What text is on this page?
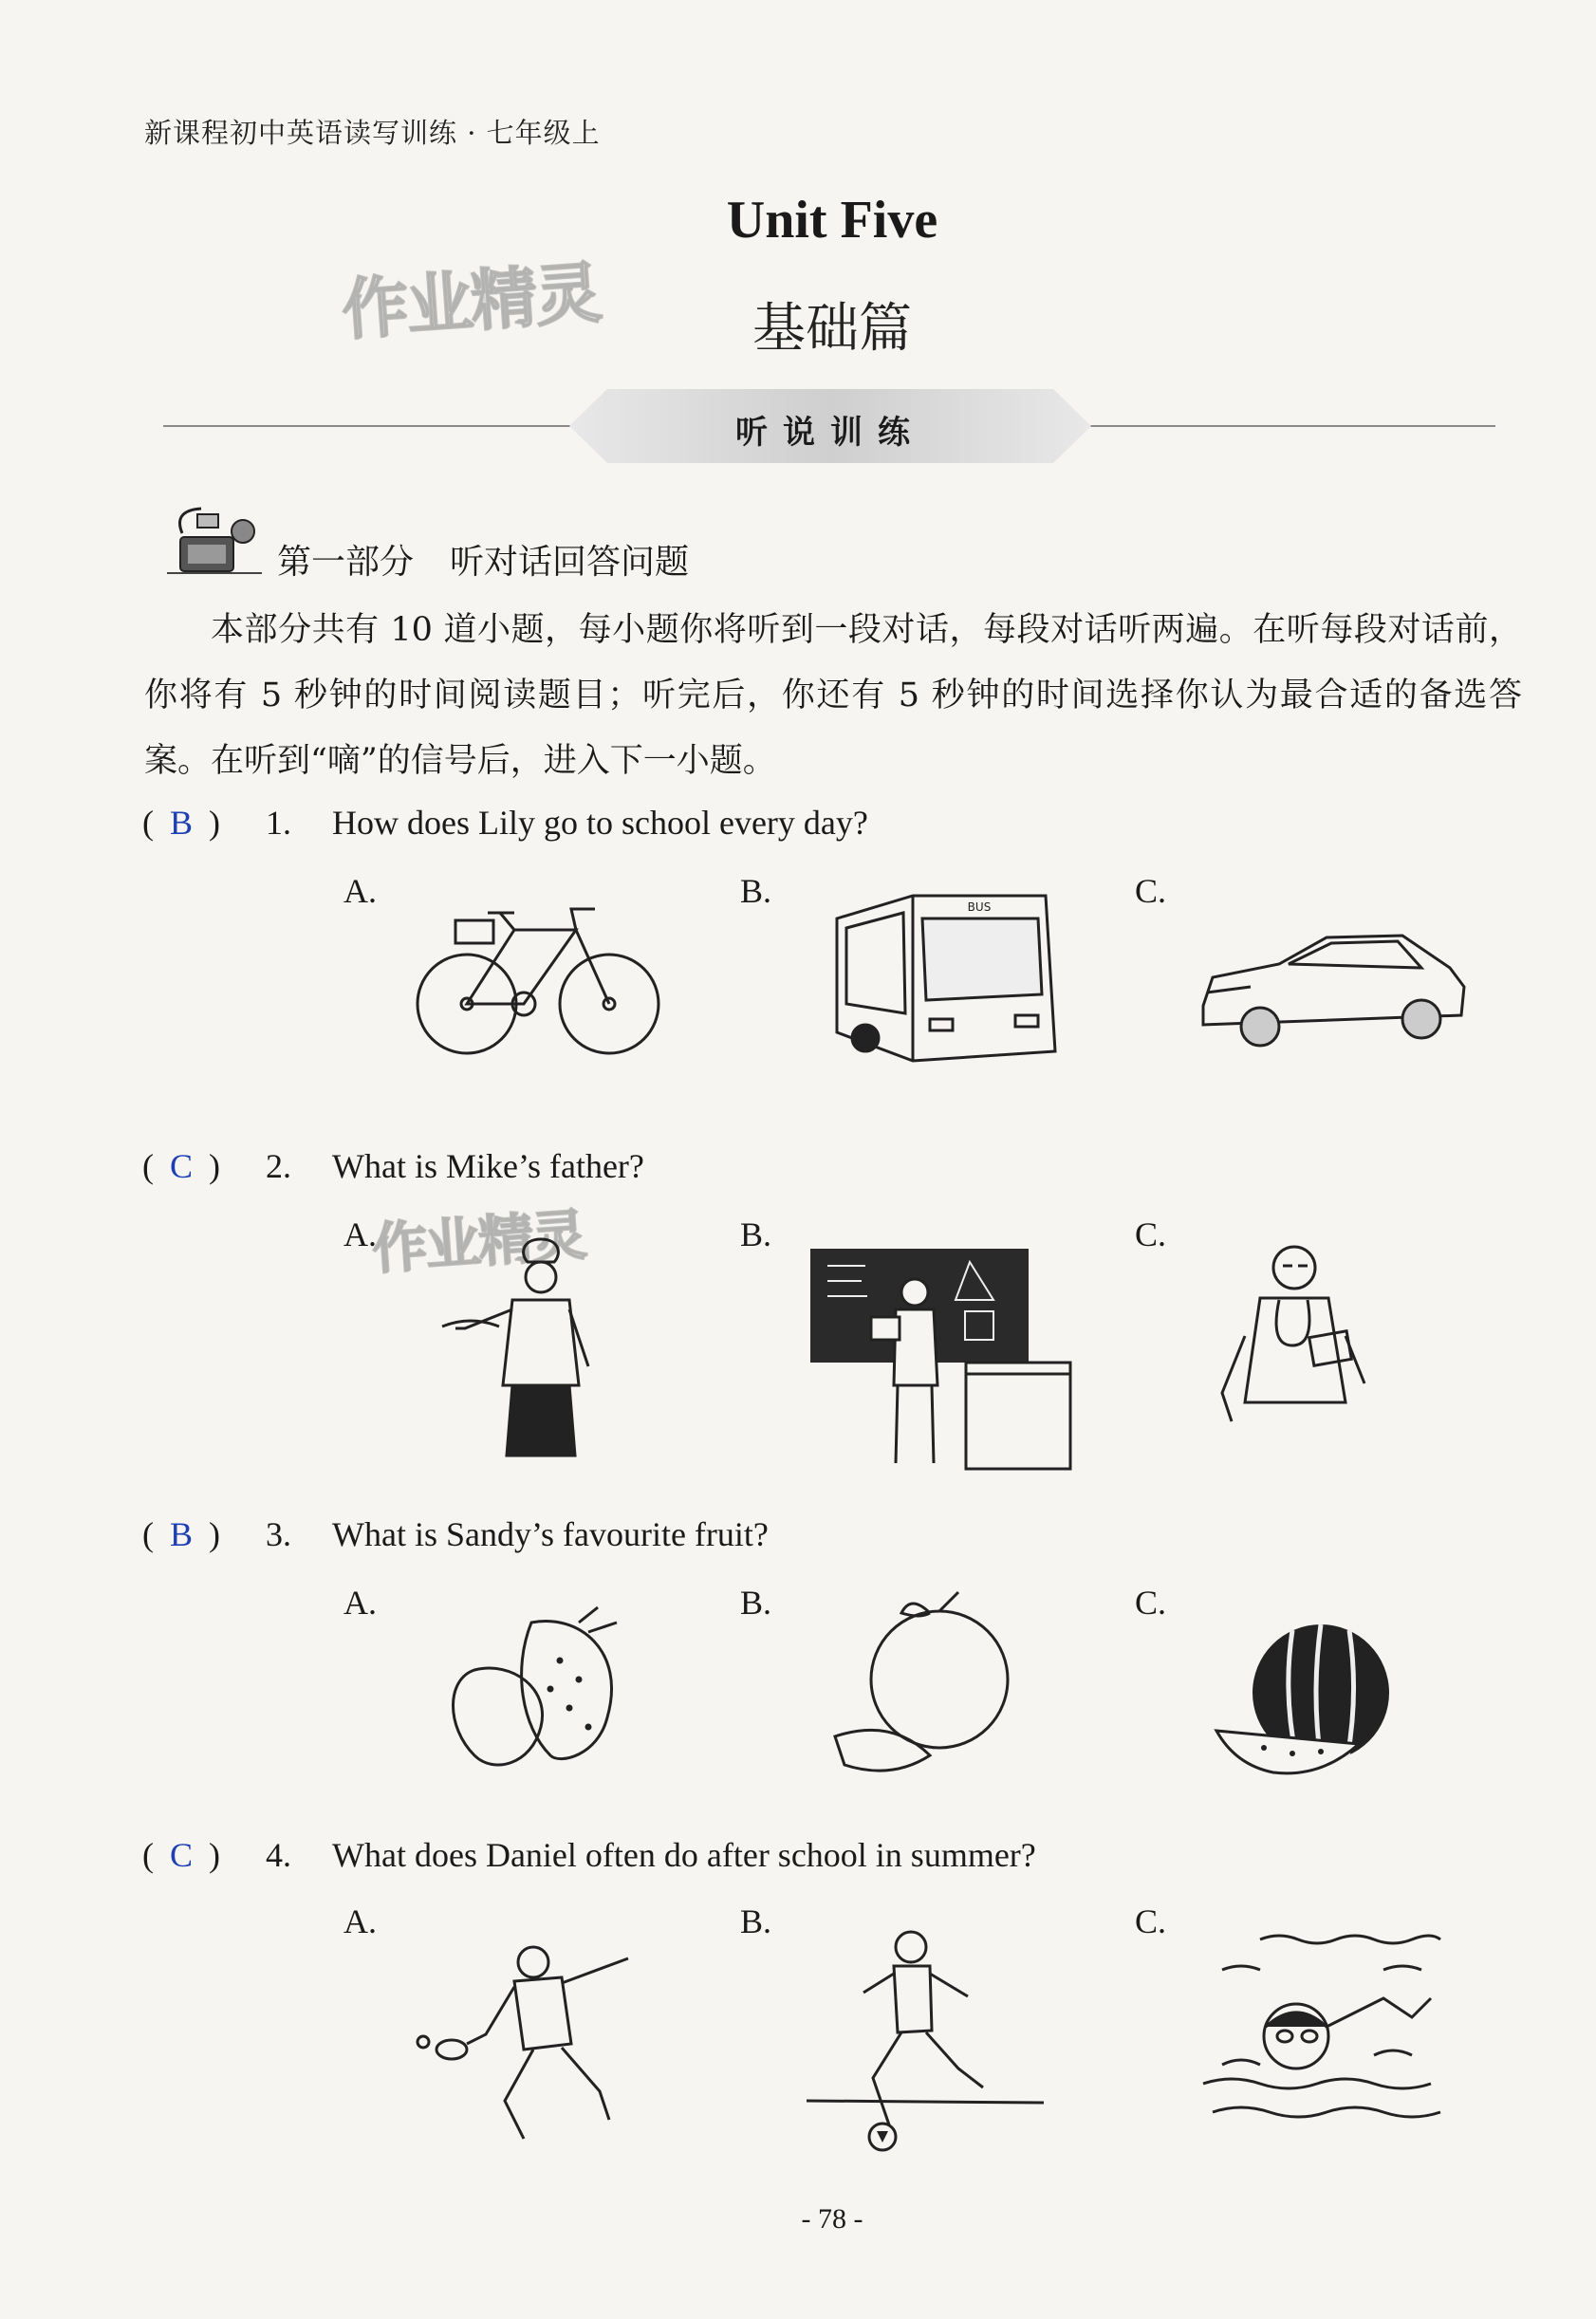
新课程初中英语读写训练 · 七年级上
Unit Five
基础篇
作业精灵
听说训练
第一部分 听对话回答问题

本部分共有 10 道小题，每小题你将听到一段对话，每段对话听两遍。在听每段对话前，你将有 5 秒钟的时间阅读题目；听完后，你还有 5 秒钟的时间选择你认为最合适的备选答案。在听到“嘀”的信号后，进入下一小题。

( B ) 1. How does Lily go to school every day?
A.	B.	C.
BUS
( C ) 2. What is Mike’s father?
A.	B.	C.
作业精灵
( B ) 3. What is Sandy’s favourite fruit?
A.	B.	C.
( C ) 4. What does Daniel often do after school in summer?
A.	B.	C.
- 78 -
